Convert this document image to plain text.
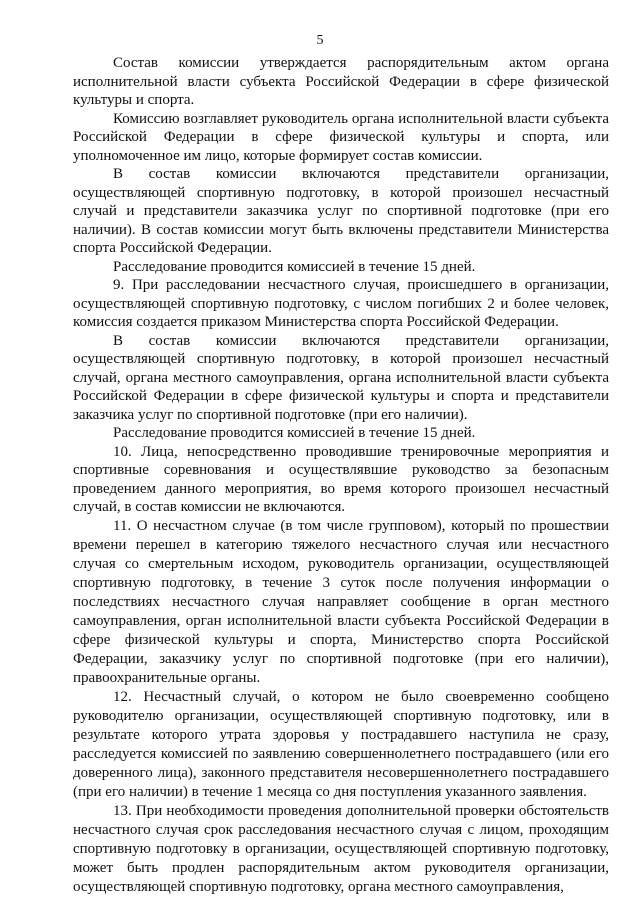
5

Состав комиссии утверждается распорядительным актом органа исполнительной власти субъекта Российской Федерации в сфере физической культуры и спорта.

Комиссию возглавляет руководитель органа исполнительной власти субъекта Российской Федерации в сфере физической культуры и спорта, или уполномоченное им лицо, которые формирует состав комиссии.

В состав комиссии включаются представители организации, осуществляющей спортивную подготовку, в которой произошел несчастный случай и представители заказчика услуг по спортивной подготовке (при его наличии). В состав комиссии могут быть включены представители Министерства спорта Российской Федерации.

Расследование проводится комиссией в течение 15 дней.

9. При расследовании несчастного случая, происшедшего в организации, осуществляющей спортивную подготовку, с числом погибших 2 и более человек, комиссия создается приказом Министерства спорта Российской Федерации.

В состав комиссии включаются представители организации, осуществляющей спортивную подготовку, в которой произошел несчастный случай, органа местного самоуправления, органа исполнительной власти субъекта Российской Федерации в сфере физической культуры и спорта и представители заказчика услуг по спортивной подготовке (при его наличии).

Расследование проводится комиссией в течение 15 дней.

10. Лица, непосредственно проводившие тренировочные мероприятия и спортивные соревнования и осуществлявшие руководство за безопасным проведением данного мероприятия, во время которого произошел несчастный случай, в состав комиссии не включаются.

11. О несчастном случае (в том числе групповом), который по прошествии времени перешел в категорию тяжелого несчастного случая или несчастного случая со смертельным исходом, руководитель организации, осуществляющей спортивную подготовку, в течение 3 суток после получения информации о последствиях несчастного случая направляет сообщение в орган местного самоуправления, орган исполнительной власти субъекта Российской Федерации в сфере физической культуры и спорта, Министерство спорта Российской Федерации, заказчику услуг по спортивной подготовке (при его наличии), правоохранительные органы.

12. Несчастный случай, о котором не было своевременно сообщено руководителю организации, осуществляющей спортивную подготовку, или в результате которого утрата здоровья у пострадавшего наступила не сразу, расследуется комиссией по заявлению совершеннолетнего пострадавшего (или его доверенного лица), законного представителя несовершеннолетнего пострадавшего (при его наличии) в течение 1 месяца со дня поступления указанного заявления.

13. При необходимости проведения дополнительной проверки обстоятельств несчастного случая срок расследования несчастного случая с лицом, проходящим спортивную подготовку в организации, осуществляющей спортивную подготовку, может быть продлен распорядительным актом руководителя организации, осуществляющей спортивную подготовку, органа местного самоуправления,
